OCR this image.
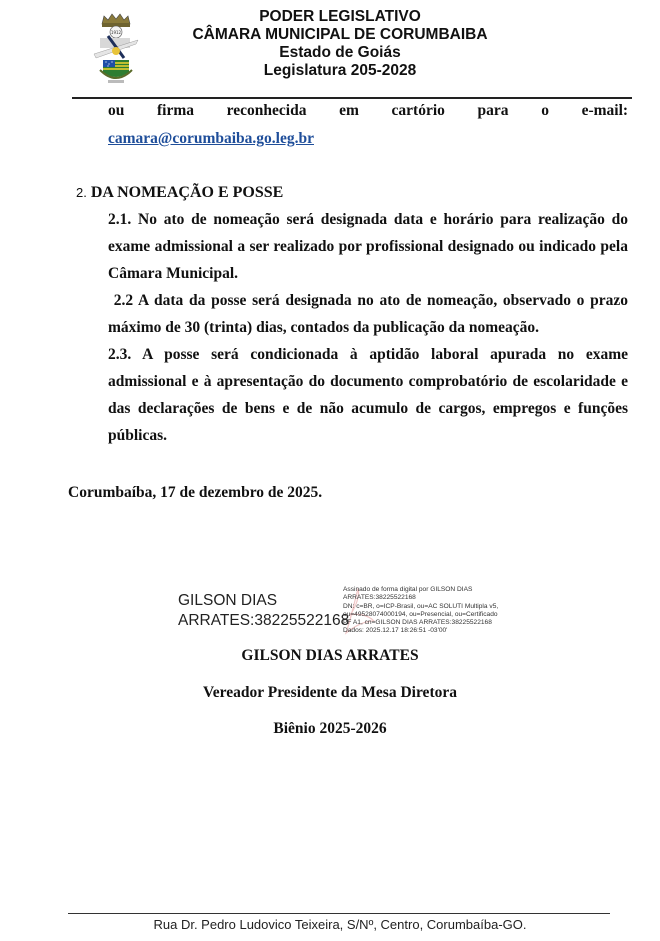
1912
PODER LEGISLATIVO
CÂMARA MUNICIPAL DE CORUMBAIBA
Estado de Goiás
Legislatura 205-2028
ou firma reconhecida em cartório para o e-mail:
camara@corumbaiba.go.leg.br
2. DA NOMEAÇÃO E POSSE

2.1. No ato de nomeação será designada data e horário para realização do exame admissional a ser realizado por profissional designado ou indicado pela Câmara Municipal.

2.2 A data da posse será designada no ato de nomeação, observado o prazo máximo de 30 (trinta) dias, contados da publicação da nomeação.

2.3. A posse será condicionada à aptidão laboral apurada no exame admissional e à apresentação do documento comprobatório de escolaridade e das declarações de bens e de não acumulo de cargos, empregos e funções públicas.

Corumbaíba, 17 de dezembro de 2025.
GILSON DIAS
ARRATES:38225522168
Assinado de forma digital por GILSON DIAS
ARRATES:38225522168
DN: c=BR, o=ICP-Brasil, ou=AC SOLUTI Multipla v5,
ou=49528074000194, ou=Presencial, ou=Certificado
PF A1, cn=GILSON DIAS ARRATES:38225522168
Dados: 2025.12.17 18:26:51 -03'00'
GILSON DIAS ARRATES
Vereador Presidente da Mesa Diretora
Biênio 2025-2026
Rua Dr. Pedro Ludovico Teixeira, S/Nº, Centro, Corumbaíba-GO.
